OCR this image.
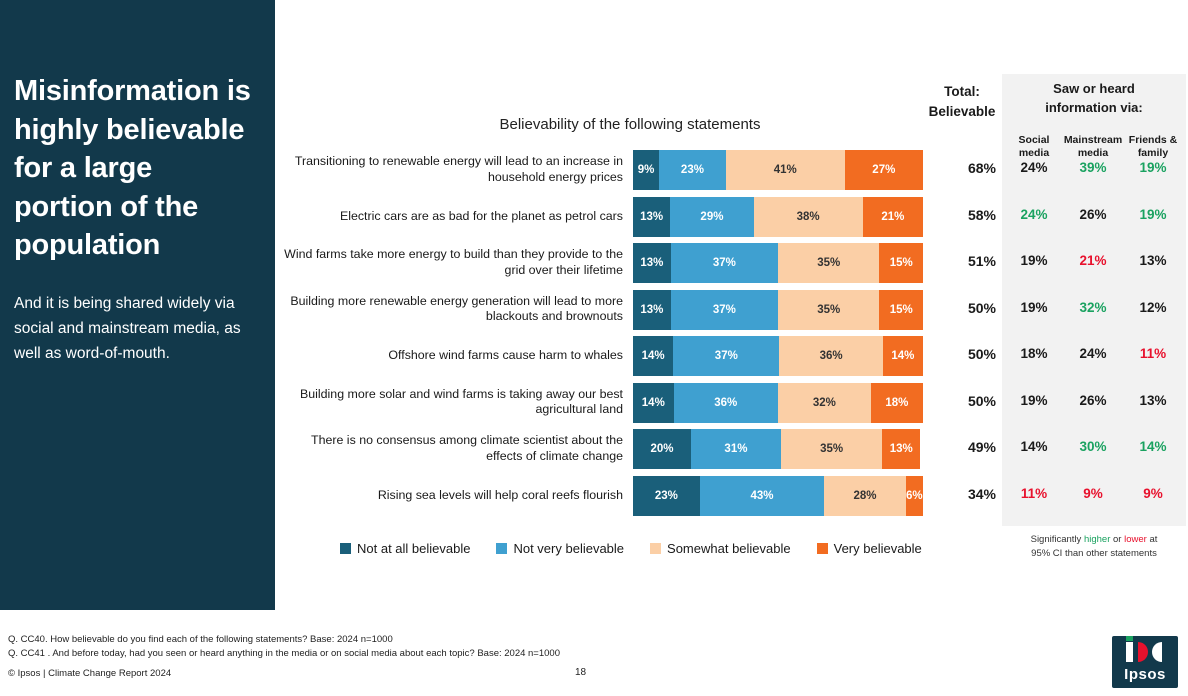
Misinformation is highly believable for a large portion of the population

And it is being shared widely via social and mainstream media, as well as word-of-mouth.

Believability of the following statements
Total:
Believable
Saw or heard
information via:
Social
media
Mainstream
media
Friends &
family
Transitioning to renewable energy will lead to an increase in household energy prices	9%	23%	41%	27%	68%	24%	39%	19%
Electric cars are as bad for the planet as petrol cars	13%	29%	38%	21%	58%	24%	26%	19%
Wind farms take more energy to build than they provide to the grid over their lifetime	13%	37%	35%	15%	51%	19%	21%	13%
Building more renewable energy generation will lead to more blackouts and brownouts	13%	37%	35%	15%	50%	19%	32%	12%
Offshore wind farms cause harm to whales	14%	37%	36%	14%	50%	18%	24%	11%
Building more solar and wind farms is taking away our best agricultural land	14%	36%	32%	18%	50%	19%	26%	13%
There is no consensus among climate scientist about the effects of climate change	20%	31%	35%	13%	49%	14%	30%	14%
Rising sea levels will help coral reefs flourish	23%	43%	28%	6%	34%	11%	9%	9%
Not at all believable	Not very believable	Somewhat believable	Very believable
Significantly higher or lower at
95% CI than other statements
Q. CC40. How believable do you find each of the following statements? Base: 2024 n=1000
Q. CC41 . And before today, had you seen or heard anything in the media or on social media about each topic? Base: 2024 n=1000
© Ipsos | Climate Change Report 2024	18	Ipsos
